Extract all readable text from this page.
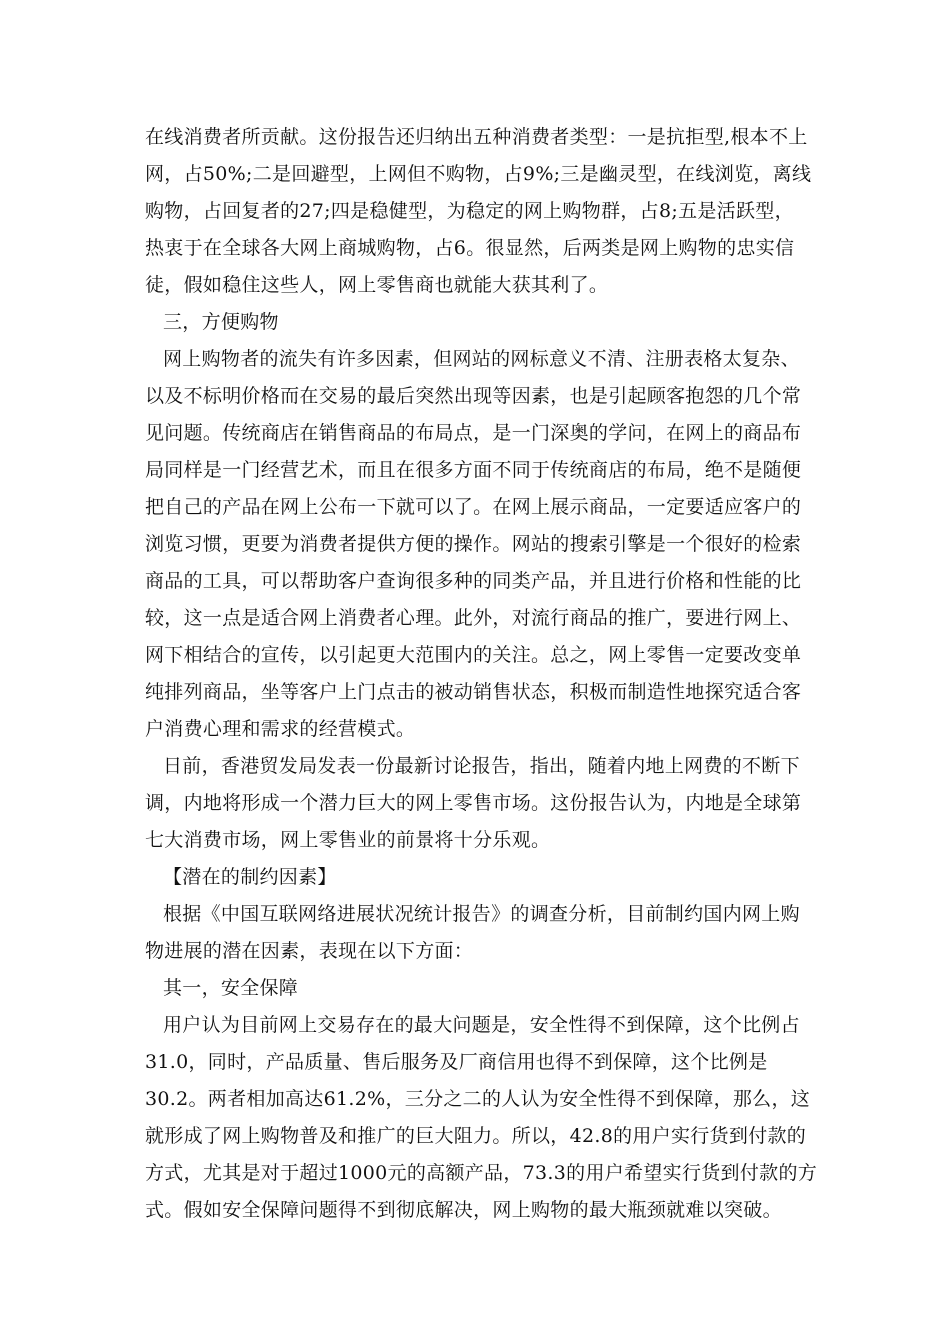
在线消费者所贡献。这份报告还归纳出五种消费者类型：一是抗拒型,根本不上
网，占50%;二是回避型，上网但不购物，占9%;三是幽灵型，在线浏览，离线
购物，占回复者的27;四是稳健型，为稳定的网上购物群，占8;五是活跃型，
热衷于在全球各大网上商城购物，占6。很显然，后两类是网上购物的忠实信
徒，假如稳住这些人，网上零售商也就能大获其利了。
三，方便购物
网上购物者的流失有许多因素，但网站的网标意义不清、注册表格太复杂、
以及不标明价格而在交易的最后突然出现等因素，也是引起顾客抱怨的几个常
见问题。传统商店在销售商品的布局点，是一门深奥的学问，在网上的商品布
局同样是一门经营艺术，而且在很多方面不同于传统商店的布局，绝不是随便
把自己的产品在网上公布一下就可以了。在网上展示商品，一定要适应客户的
浏览习惯，更要为消费者提供方便的操作。网站的搜索引擎是一个很好的检索
商品的工具，可以帮助客户查询很多种的同类产品，并且进行价格和性能的比
较，这一点是适合网上消费者心理。此外，对流行商品的推广，要进行网上、
网下相结合的宣传，以引起更大范围内的关注。总之，网上零售一定要改变单
纯排列商品，坐等客户上门点击的被动销售状态，积极而制造性地探究适合客
户消费心理和需求的经营模式。
日前，香港贸发局发表一份最新讨论报告，指出，随着内地上网费的不断下
调，内地将形成一个潜力巨大的网上零售市场。这份报告认为，内地是全球第
七大消费市场，网上零售业的前景将十分乐观。
【潜在的制约因素】
根据《中国互联网络进展状况统计报告》的调查分析，目前制约国内网上购
物进展的潜在因素，表现在以下方面：
其一，安全保障
用户认为目前网上交易存在的最大问题是，安全性得不到保障，这个比例占
31.0，同时，产品质量、售后服务及厂商信用也得不到保障，这个比例是
30.2。两者相加高达61.2%，三分之二的人认为安全性得不到保障，那么，这
就形成了网上购物普及和推广的巨大阻力。所以，42.8的用户实行货到付款的
方式，尤其是对于超过1000元的高额产品，73.3的用户希望实行货到付款的方
式。假如安全保障问题得不到彻底解决，网上购物的最大瓶颈就难以突破。
